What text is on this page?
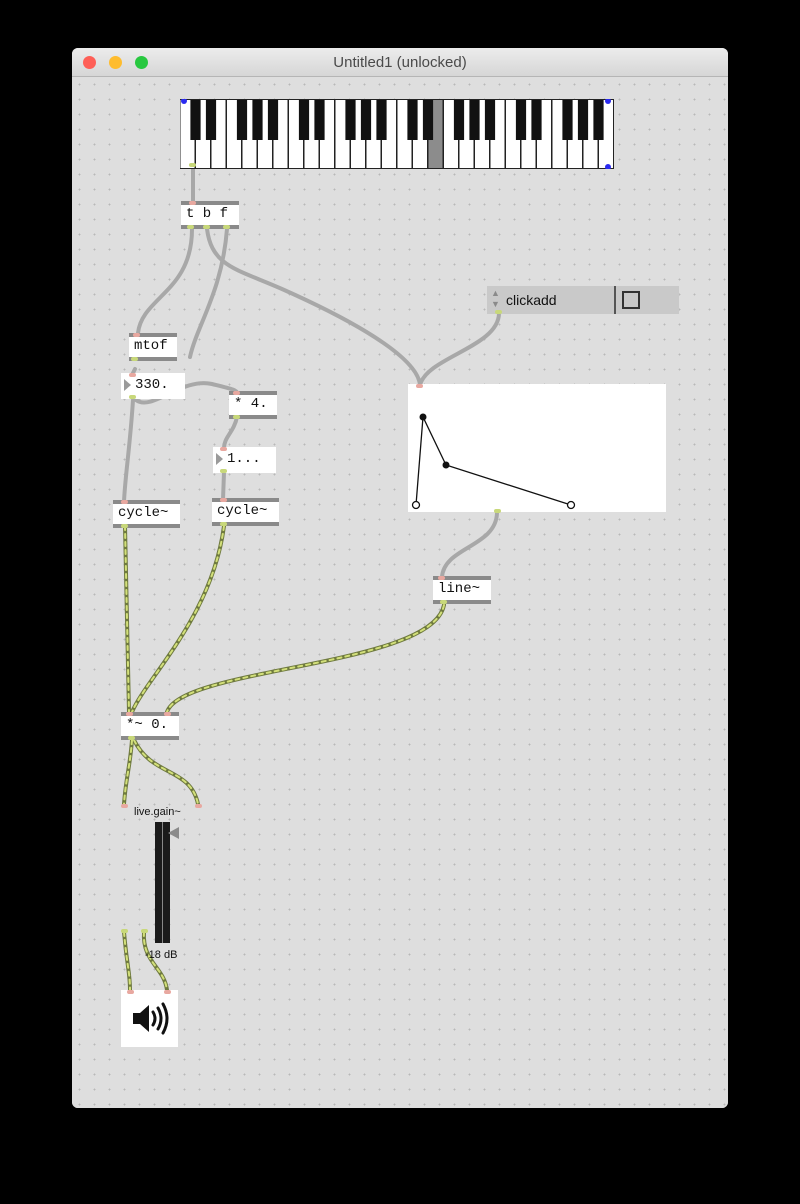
Untitled1 (unlocked)
t b f
▲
▼ clickadd
mtof
330.
* 4.
1...
cycle~	cycle~
line~
*~ 0.
live.gain~
-18 dB
